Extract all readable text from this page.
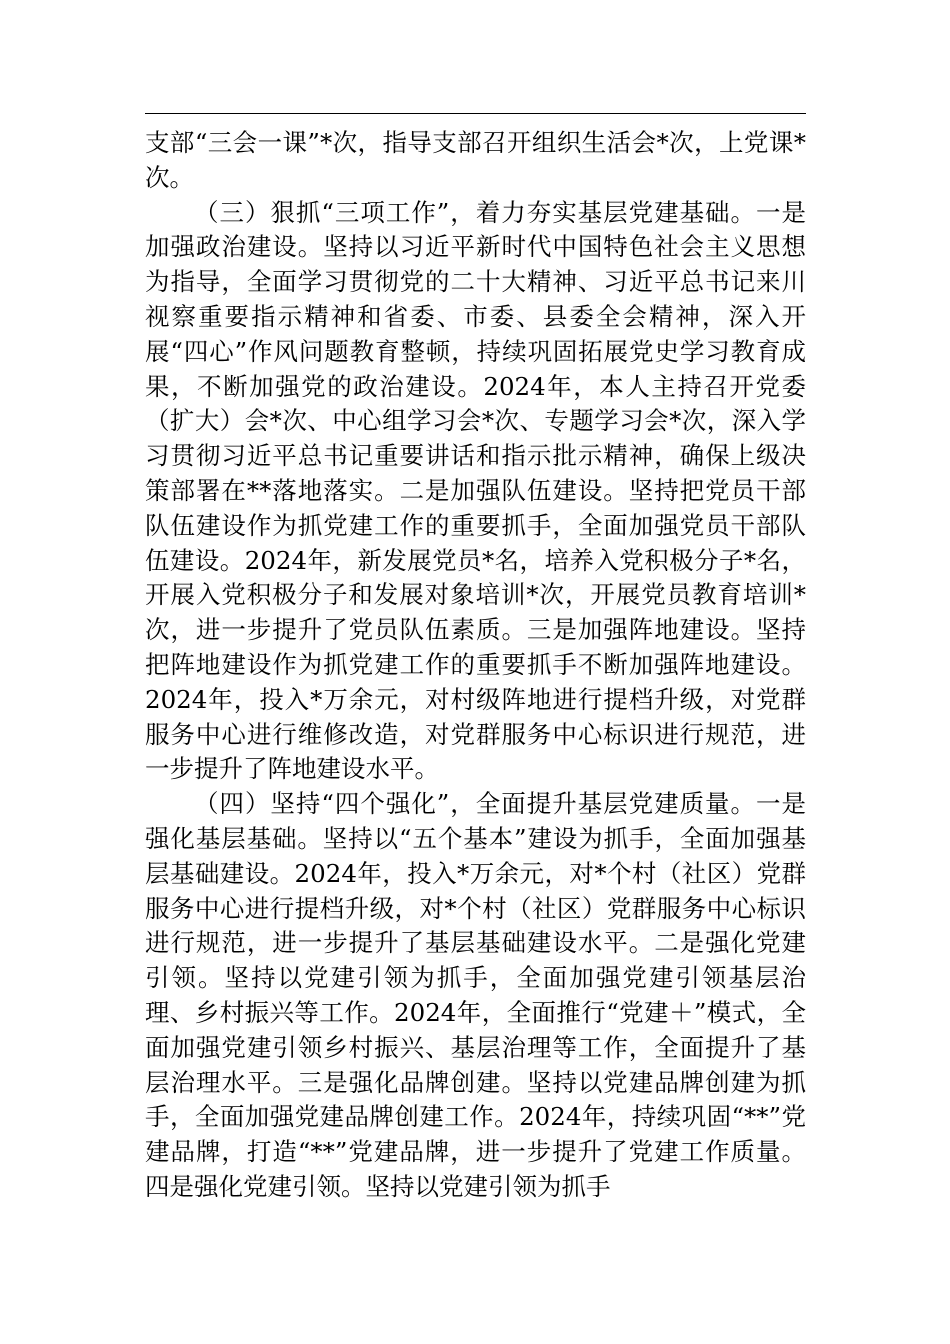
支部“三会一课”*次，指导支部召开组织生活会*次，上党课*次。

（三）狠抓“三项工作”，着力夯实基层党建基础。一是加强政治建设。坚持以习近平新时代中国特色社会主义思想为指导，全面学习贯彻党的二十大精神、习近平总书记来川视察重要指示精神和省委、市委、县委全会精神，深入开展“四心”作风问题教育整顿，持续巩固拓展党史学习教育成果，不断加强党的政治建设。2024年，本人主持召开党委（扩大）会*次、中心组学习会*次、专题学习会*次，深入学习贯彻习近平总书记重要讲话和指示批示精神，确保上级决策部署在**落地落实。二是加强队伍建设。坚持把党员干部队伍建设作为抓党建工作的重要抓手，全面加强党员干部队伍建设。2024年，新发展党员*名，培养入党积极分子*名，开展入党积极分子和发展对象培训*次，开展党员教育培训*次，进一步提升了党员队伍素质。三是加强阵地建设。坚持把阵地建设作为抓党建工作的重要抓手不断加强阵地建设。2024年，投入*万余元，对村级阵地进行提档升级，对党群服务中心进行维修改造，对党群服务中心标识进行规范，进一步提升了阵地建设水平。

（四）坚持“四个强化”，全面提升基层党建质量。一是强化基层基础。坚持以“五个基本”建设为抓手，全面加强基层基础建设。2024年，投入*万余元，对*个村（社区）党群服务中心进行提档升级，对*个村（社区）党群服务中心标识进行规范，进一步提升了基层基础建设水平。二是强化党建引领。坚持以党建引领为抓手，全面加强党建引领基层治理、乡村振兴等工作。2024年，全面推行“党建＋”模式，全面加强党建引领乡村振兴、基层治理等工作，全面提升了基层治理水平。三是强化品牌创建。坚持以党建品牌创建为抓手，全面加强党建品牌创建工作。2024年，持续巩固“**”党建品牌，打造“**”党建品牌，进一步提升了党建工作质量。四是强化党建引领。坚持以党建引领为抓手
